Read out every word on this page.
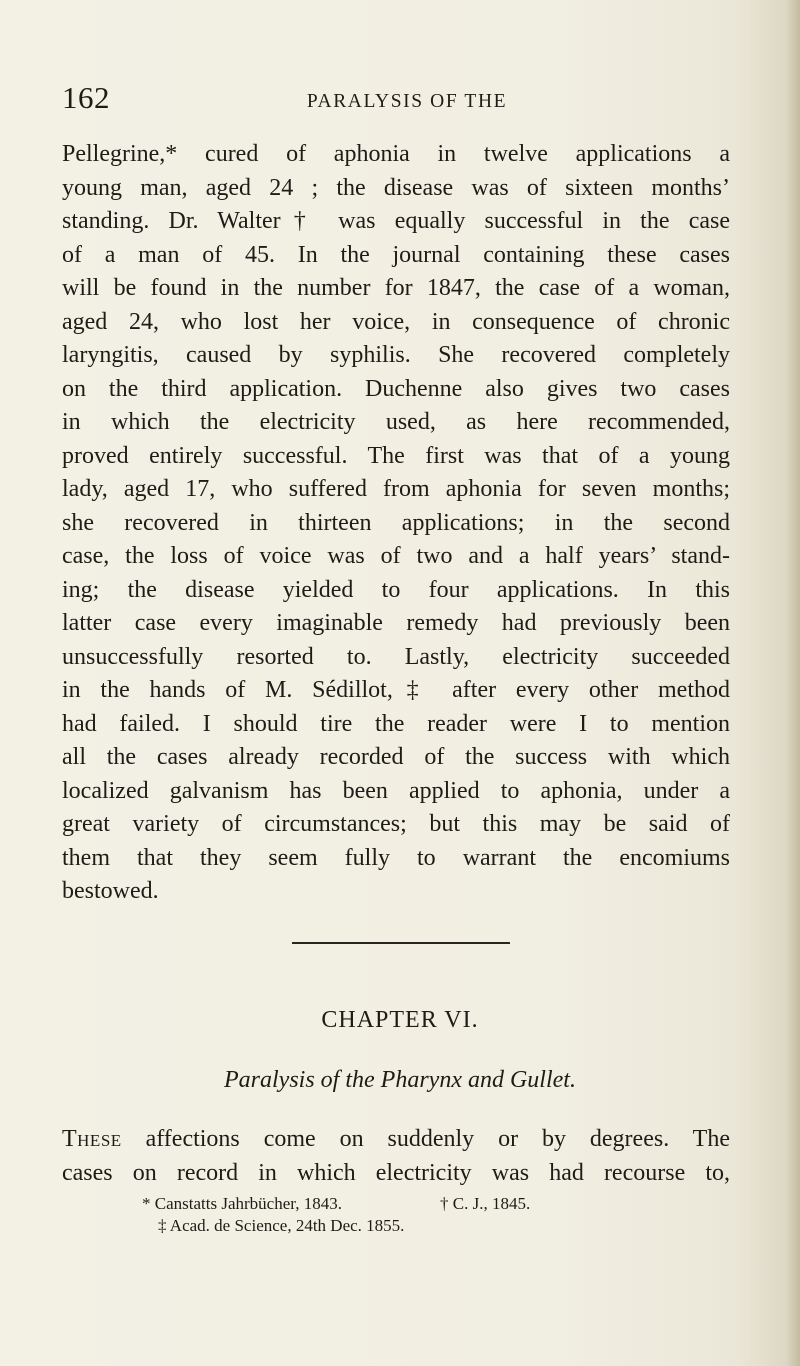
162	PARALYSIS OF THE
Pellegrine,* cured of aphonia in twelve applications a
young man, aged 24 ; the disease was of sixteen months’
standing. Dr. Walter† was equally successful in the case
of a man of 45. In the journal containing these cases
will be found in the number for 1847, the case of a woman,
aged 24, who lost her voice, in consequence of chronic
laryngitis, caused by syphilis. She recovered completely
on the third application. Duchenne also gives two cases
in which the electricity used, as here recommended,
proved entirely successful. The first was that of a young
lady, aged 17, who suffered from aphonia for seven months;
she recovered in thirteen applications; in the second
case, the loss of voice was of two and a half years’ stand-
ing; the disease yielded to four applications. In this
latter case every imaginable remedy had previously been
unsuccessfully resorted to. Lastly, electricity succeeded
in the hands of M. Sédillot,‡ after every other method
had failed. I should tire the reader were I to mention
all the cases already recorded of the success with which
localized galvanism has been applied to aphonia, under a
great variety of circumstances; but this may be said of
them that they seem fully to warrant the encomiums
bestowed.
CHAPTER VI.
Paralysis of the Pharynx and Gullet.
These affections come on suddenly or by degrees. The
cases on record in which electricity was had recourse to,
* Canstatts Jahrbücher, 1843.	† C. J., 1845.
‡ Acad. de Science, 24th Dec. 1855.
